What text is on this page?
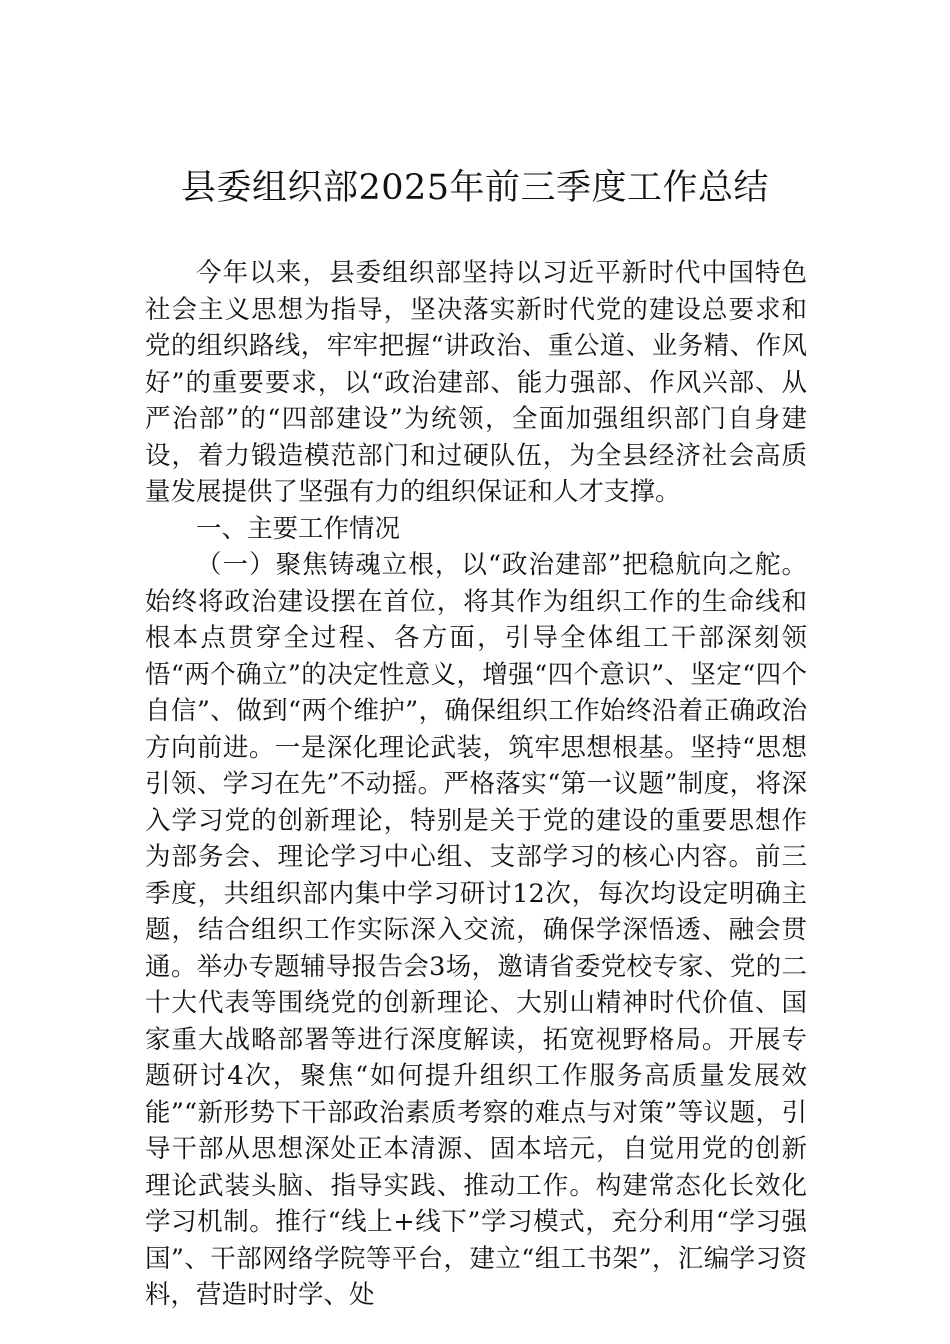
县委组织部2025年前三季度工作总结

今年以来，县委组织部坚持以习近平新时代中国特色社会主义思想为指导，坚决落实新时代党的建设总要求和党的组织路线，牢牢把握“讲政治、重公道、业务精、作风好”的重要要求，以“政治建部、能力强部、作风兴部、从严治部”的“四部建设”为统领，全面加强组织部门自身建设，着力锻造模范部门和过硬队伍，为全县经济社会高质量发展提供了坚强有力的组织保证和人才支撑。

一、主要工作情况

（一）聚焦铸魂立根，以“政治建部”把稳航向之舵。始终将政治建设摆在首位，将其作为组织工作的生命线和根本点贯穿全过程、各方面，引导全体组工干部深刻领悟“两个确立”的决定性意义，增强“四个意识”、坚定“四个自信”、做到“两个维护”，确保组织工作始终沿着正确政治方向前进。一是深化理论武装，筑牢思想根基。坚持“思想引领、学习在先”不动摇。严格落实“第一议题”制度，将深入学习党的创新理论，特别是关于党的建设的重要思想作为部务会、理论学习中心组、支部学习的核心内容。前三季度，共组织部内集中学习研讨12次，每次均设定明确主题，结合组织工作实际深入交流，确保学深悟透、融会贯通。举办专题辅导报告会3场，邀请省委党校专家、党的二十大代表等围绕党的创新理论、大别山精神时代价值、国家重大战略部署等进行深度解读，拓宽视野格局。开展专题研讨4次，聚焦“如何提升组织工作服务高质量发展效能”“新形势下干部政治素质考察的难点与对策”等议题，引导干部从思想深处正本清源、固本培元，自觉用党的创新理论武装头脑、指导实践、推动工作。构建常态化长效化学习机制。推行“线上+线下”学习模式，充分利用“学习强国”、干部网络学院等平台，建立“组工书架”，汇编学习资料，营造时时学、处
